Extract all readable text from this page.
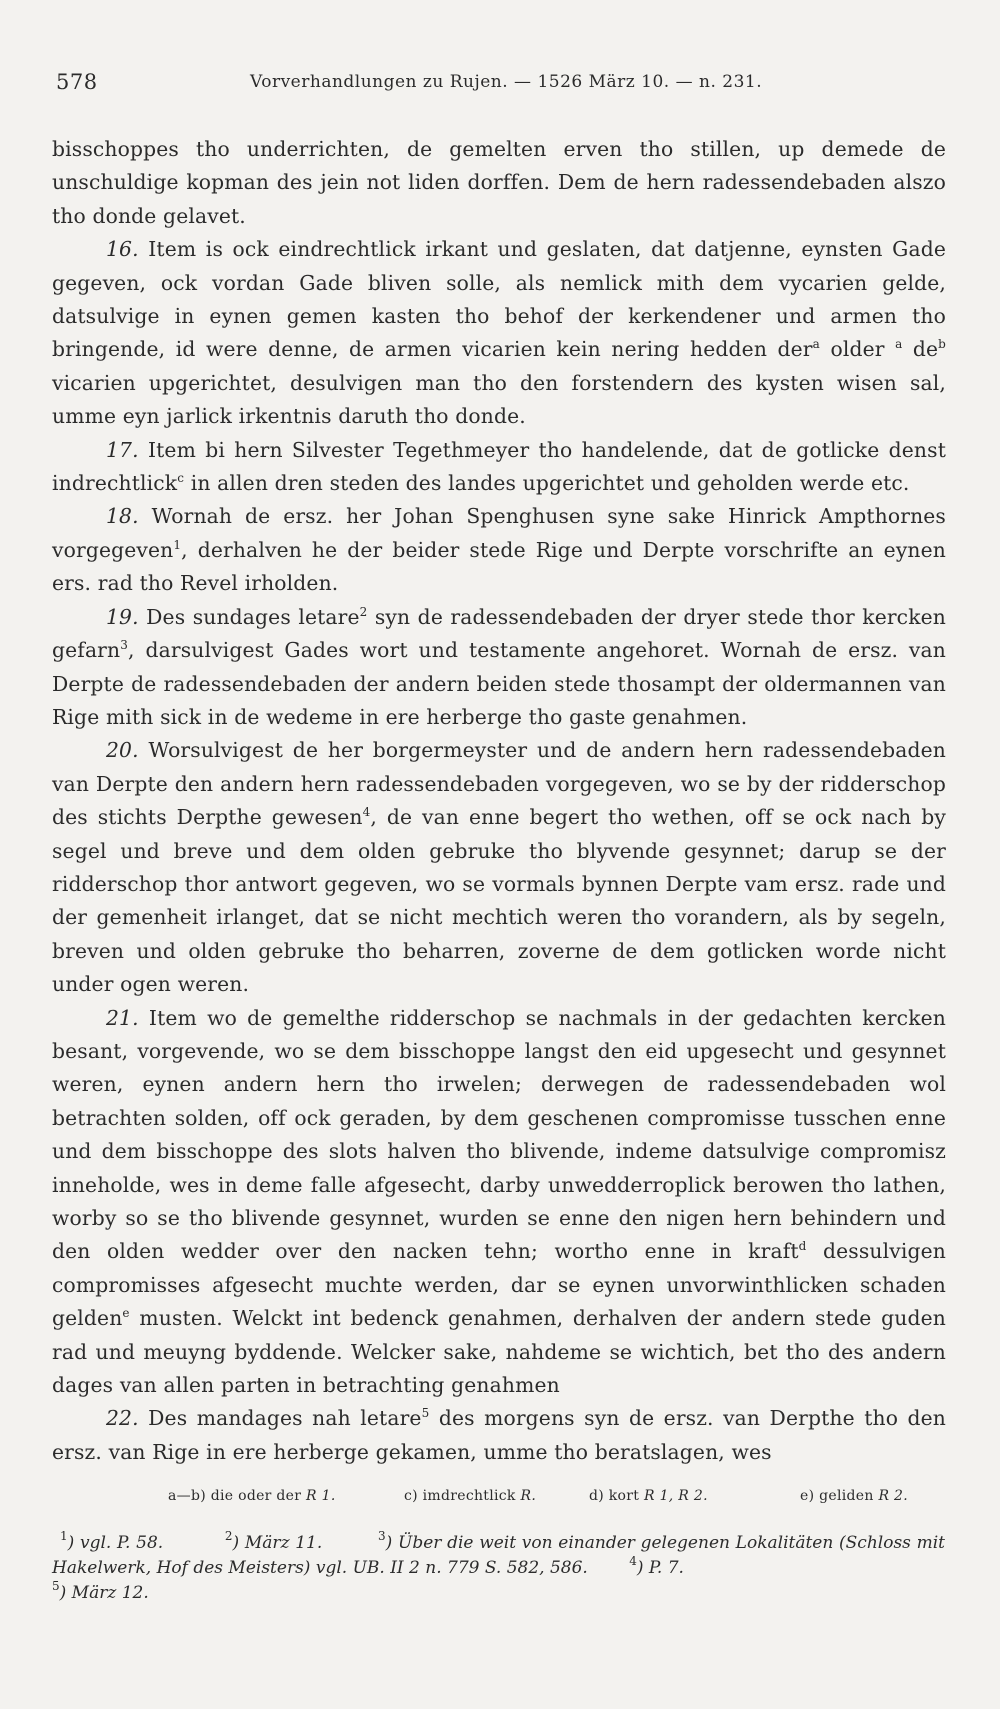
578	Vorverhandlungen zu Rujen. — 1526 März 10. — n. 231.

bisschoppes tho underrichten, de gemelten erven tho stillen, up demede de unschuldige kopman des jein not liden dorffen. Dem de hern radessendebaden alszo tho donde gelavet.

16. Item is ock eindrechtlick irkant und geslaten, dat datjenne, eynsten Gade gegeven, ock vordan Gade bliven solle, als nemlick mith dem vycarien gelde, datsulvige in eynen gemen kasten tho behof der kerkendener und armen tho bringende, id were denne, de armen vicarien kein nering hedden der$^a$ older $^a$ $de^b$ vicarien upgerichtet, desulvigen man tho den forstendern des kysten wisen sal, umme eyn jarlick irkentnis daruth tho donde.

17. Item bi hern Silvester Tegethmeyer tho handelende, dat de gotlicke denst indrechtlick$^c$ in allen dren steden des landes upgerichtet und geholden werde etc.

18. Wornah de ersz. her Johan Spenghusen syne sake Hinrick Ampthornes vorgegeven$^1$, derhalven he der beider stede Rige und Derpte vorschrifte an eynen ers. rad tho Revel irholden.

19. Des sundages letare$^2$ syn de radessendebaden der dryer stede thor kercken gefarn$^3$, darsulvigest Gades wort und testamente angehoret. Wornah de ersz. van Derpte de radessendebaden der andern beiden stede thosampt der oldermannen van Rige mith sick in de wedeme in ere herberge tho gaste genahmen.

20. Worsulvigest de her borgermeyster und de andern hern radessendebaden van Derpte den andern hern radessendebaden vorgegeven, wo se by der ridderschop des stichts Derpthe gewesen$^4$, de van enne begert tho wethen, off se ock nach by segel und breve und dem olden gebruke tho blyvende gesynnet; darup se der ridderschop thor antwort gegeven, wo se vormals bynnen Derpte vam ersz. rade und der gemenheit irlanget, dat se nicht mechtich weren tho vorandern, als by segeln, breven und olden gebruke tho beharren, zoverne de dem gotlicken worde nicht under ogen weren.

21. Item wo de gemelthe ridderschop se nachmals in der gedachten kercken besant, vorgevende, wo se dem bisschoppe langst den eid upgesecht und gesynnet weren, eynen andern hern tho irwelen; derwegen de radessendebaden wol betrachten solden, off ock geraden, by dem geschenen compromisse tusschen enne und dem bisschoppe des slots halven tho blivende, indeme datsulvige compromisz inneholde, wes in deme falle afgesecht, darby unwedderroplick berowen tho lathen, worby so se tho blivende gesynnet, wurden se enne den nigen hern behindern und den olden wedder over den nacken tehn; wortho enne in kraft$^d$ dessulvigen compromisses afgesecht muchte werden, dar se eynen unvorwinthlicken schaden gelden$^e$ musten. Welckt int bedenck genahmen, derhalven der andern stede guden rad und meuyng byddende. Welcker sake, nahdeme se wichtich, bet tho des andern dages van allen parten in betrachting genahmen

22. Des mandages nah letare$^5$ des morgens syn de ersz. van Derpthe tho den ersz. van Rige in ere herberge gekamen, umme tho beratslagen, wes

a—b) die oder der R 1.	c) imdrechtlick R.	d) kort R 1, R 2.	e) geliden R 2.

$^1$) vgl. P. 58.	$^2$) März 11.	$^3$) Über die weit von einander gelegenen Lokalitäten (Schloss mit Hakelwerk, Hof des Meisters) vgl. UB. II 2 n. 779 S. 582, 586.	$^4$) P. 7.

$^5$) März 12.
